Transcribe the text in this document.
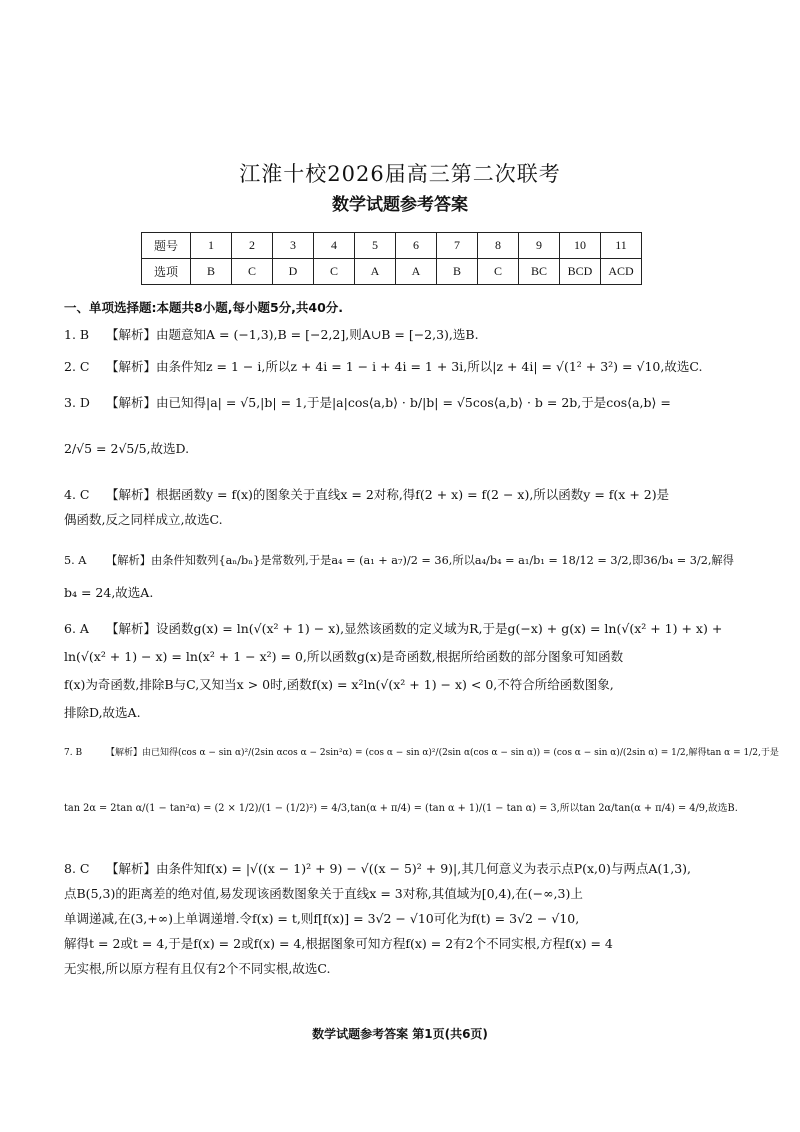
江淮十校2026届高三第二次联考
数学试题参考答案
题号	1	2	3	4	5	6	7	8	9	10	11
选项	B	C	D	C	A	A	B	C	BC	BCD	ACD
一、单项选择题:本题共8小题,每小题5分,共40分.
1. B 【解析】由题意知A = (−1,3),B = [−2,2],则A∪B = [−2,3),选B.
2. C 【解析】由条件知z = 1 − i,所以z + 4i = 1 − i + 4i = 1 + 3i,所以|z + 4i| = √(1² + 3²) = √10,故选C.
3. D 【解析】由已知得|a| = √5,|b| = 1,于是|a|cos⟨a,b⟩ · b/|b| = √5cos⟨a,b⟩ · b = 2b,于是cos⟨a,b⟩ =
2/√5 = 2√5/5,故选D.
4. C 【解析】根据函数y = f(x)的图象关于直线x = 2对称,得f(2 + x) = f(2 − x),所以函数y = f(x + 2)是
偶函数,反之同样成立,故选C.
5. A 【解析】由条件知数列{aₙ/bₙ}是常数列,于是a₄ = (a₁ + a₇)/2 = 36,所以a₄/b₄ = a₁/b₁ = 18/12 = 3/2,即36/b₄ = 3/2,解得
b₄ = 24,故选A.
6. A 【解析】设函数g(x) = ln(√(x² + 1) − x),显然该函数的定义域为R,于是g(−x) + g(x) = ln(√(x² + 1) + x) +
ln(√(x² + 1) − x) = ln(x² + 1 − x²) = 0,所以函数g(x)是奇函数,根据所给函数的部分图象可知函数
f(x)为奇函数,排除B与C,又知当x > 0时,函数f(x) = x²ln(√(x² + 1) − x) < 0,不符合所给函数图象,
排除D,故选A.
7. B	【解析】由已知得(cos α − sin α)²/(2sin αcos α − 2sin²α) = (cos α − sin α)²/(2sin α(cos α − sin α)) = (cos α − sin α)/(2sin α) = 1/2,解得tan α = 1/2,于是
tan 2α = 2tan α/(1 − tan²α) = (2 × 1/2)/(1 − (1/2)²) = 4/3,tan(α + π/4) = (tan α + 1)/(1 − tan α) = 3,所以tan 2α/tan(α + π/4) = 4/9,故选B.
8. C 【解析】由条件知f(x) = |√((x − 1)² + 9) − √((x − 5)² + 9)|,其几何意义为表示点P(x,0)与两点A(1,3),
点B(5,3)的距离差的绝对值,易发现该函数图象关于直线x = 3对称,其值域为[0,4),在(−∞,3)上
单调递减,在(3,+∞)上单调递增.令f(x) = t,则f[f(x)] = 3√2 − √10可化为f(t) = 3√2 − √10,
解得t = 2或t = 4,于是f(x) = 2或f(x) = 4,根据图象可知方程f(x) = 2有2个不同实根,方程f(x) = 4
无实根,所以原方程有且仅有2个不同实根,故选C.
数学试题参考答案 第1页(共6页)
